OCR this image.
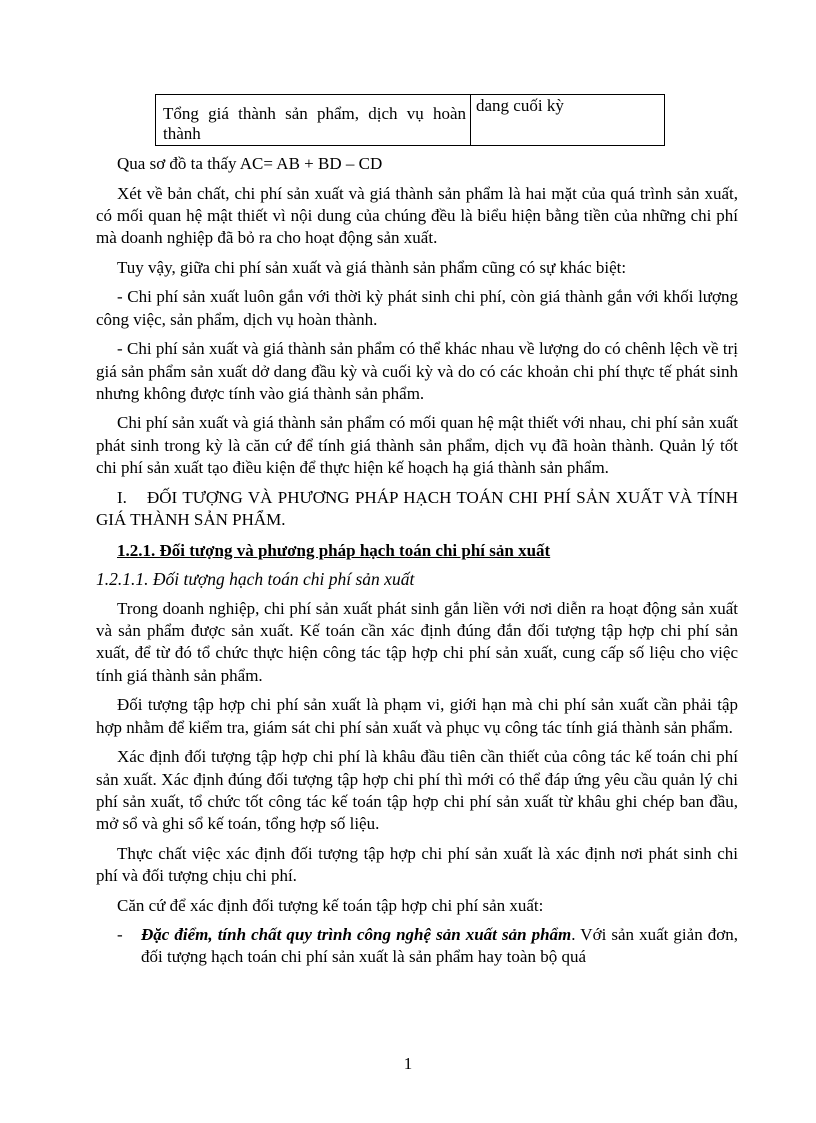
Tổng giá thành sản phẩm, dịch vụ hoàn thành	dang cuối kỳ

Qua sơ đồ ta thấy AC= AB + BD – CD

Xét về bản chất, chi phí sản xuất và giá thành sản phẩm là hai mặt của quá trình sản xuất, có mối quan hệ mật thiết vì nội dung của chúng đều là biểu hiện bằng tiền của những chi phí mà doanh nghiệp đã bỏ ra cho hoạt động sản xuất.

Tuy vậy, giữa chi phí sản xuất và giá thành sản phẩm cũng có sự khác biệt:

- Chi phí sản xuất luôn gắn với thời kỳ phát sinh chi phí, còn giá thành gắn với khối lượng công việc, sản phẩm, dịch vụ hoàn thành.

- Chi phí sản xuất và giá thành sản phẩm có thể khác nhau về lượng do có chênh lệch về trị giá sản phẩm sản xuất dở dang đầu kỳ và cuối kỳ và do có các khoản chi phí thực tế phát sinh nhưng không được tính vào giá thành sản phẩm.

Chi phí sản xuất và giá thành sản phẩm có mối quan hệ mật thiết với nhau, chi phí sản xuất phát sinh trong kỳ là căn cứ để tính giá thành sản phẩm, dịch vụ đã hoàn thành. Quản lý tốt chi phí sản xuất tạo điều kiện để thực hiện kế hoạch hạ giá thành sản phẩm.

I. ĐỐI TƯỢNG VÀ PHƯƠNG PHÁP HẠCH TOÁN CHI PHÍ SẢN XUẤT VÀ TÍNH GIÁ THÀNH SẢN PHẨM.

1.2.1. Đối tượng và phương pháp hạch toán chi phí sản xuất

1.2.1.1. Đối tượng hạch toán chi phí sản xuất

Trong doanh nghiệp, chi phí sản xuất phát sinh gắn liền với nơi diễn ra hoạt động sản xuất và sản phẩm được sản xuất. Kế toán cần xác định đúng đắn đối tượng tập hợp chi phí sản xuất, để từ đó tổ chức thực hiện công tác tập hợp chi phí sản xuất, cung cấp số liệu cho việc tính giá thành sản phẩm.

Đối tượng tập hợp chi phí sản xuất là phạm vi, giới hạn mà chi phí sản xuất cần phải tập hợp nhằm để kiểm tra, giám sát chi phí sản xuất và phục vụ công tác tính giá thành sản phẩm.

Xác định đối tượng tập hợp chi phí là khâu đầu tiên cần thiết của công tác kế toán chi phí sản xuất. Xác định đúng đối tượng tập hợp chi phí thì mới có thể đáp ứng yêu cầu quản lý chi phí sản xuất, tổ chức tốt công tác kế toán tập hợp chi phí sản xuất từ khâu ghi chép ban đầu, mở sổ và ghi sổ kế toán, tổng hợp số liệu.

Thực chất việc xác định đối tượng tập hợp chi phí sản xuất là xác định nơi phát sinh chi phí và đối tượng chịu chi phí.

Căn cứ để xác định đối tượng kế toán tập hợp chi phí sản xuất:

-	Đặc điểm, tính chất quy trình công nghệ sản xuất sản phẩm. Với sản xuất giản đơn, đối tượng hạch toán chi phí sản xuất là sản phẩm hay toàn bộ quá

1
